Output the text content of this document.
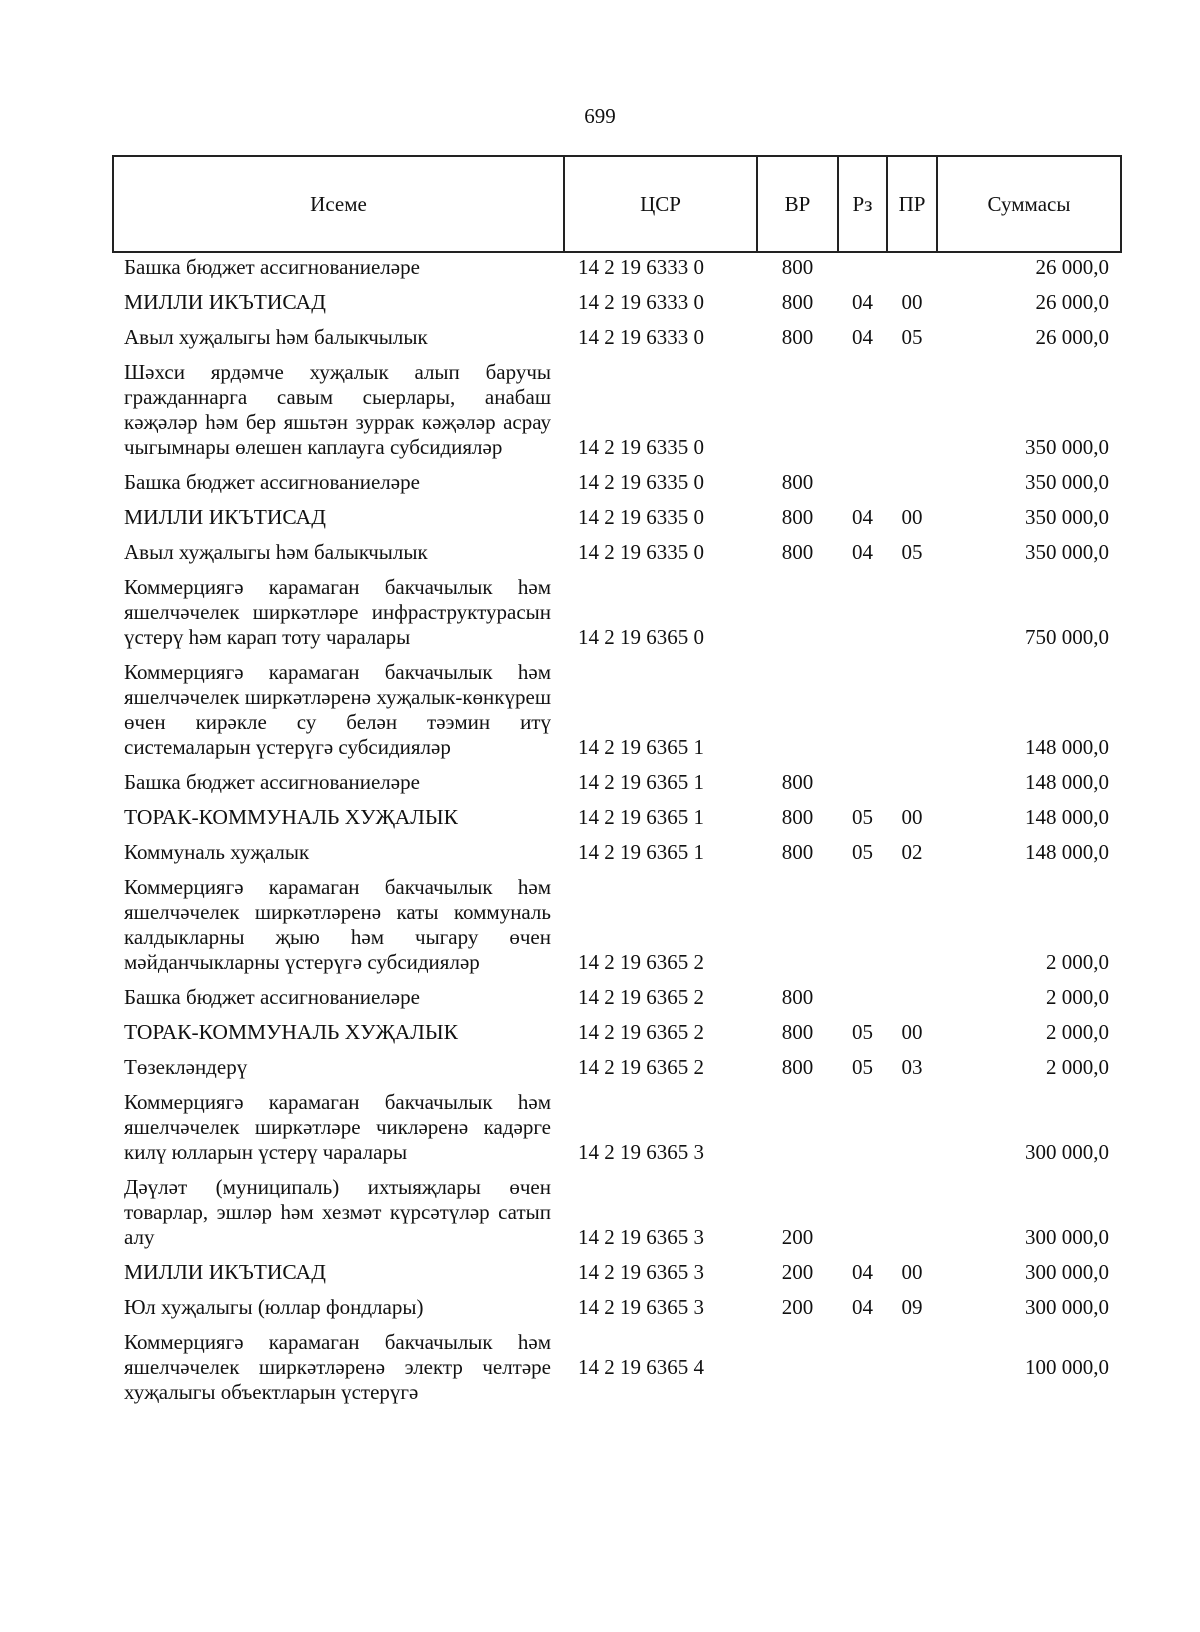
699
Исеме	ЦСР	ВР	Рз	ПР	Суммасы
Башка бюджет ассигнованиеләре	14 2 19 6333 0	800			26 000,0
МИЛЛИ ИКЪТИСАД	14 2 19 6333 0	800	04	00	26 000,0
Авыл хуҗалыгы һәм балыкчылык	14 2 19 6333 0	800	04	05	26 000,0
Шәхси ярдәмче хуҗалык алып баручы гражданнарга савым сыерлары, анабаш кәҗәләр һәм бер яшьтән зуррак кәҗәләр асрау чыгымнары өлешен каплауга субсидияләр	14 2 19 6335 0				350 000,0
Башка бюджет ассигнованиеләре	14 2 19 6335 0	800			350 000,0
МИЛЛИ ИКЪТИСАД	14 2 19 6335 0	800	04	00	350 000,0
Авыл хуҗалыгы һәм балыкчылык	14 2 19 6335 0	800	04	05	350 000,0
Коммерциягә карамаган бакчачылык һәм яшелчәчелек ширкәтләре инфраструктурасын үстерү һәм карап тоту чаралары	14 2 19 6365 0				750 000,0
Коммерциягә карамаган бакчачылык һәм яшелчәчелек ширкәтләренә хуҗалык-көнкүреш өчен кирәкле су белән тәэмин итү системаларын үстерүгә субсидияләр	14 2 19 6365 1				148 000,0
Башка бюджет ассигнованиеләре	14 2 19 6365 1	800			148 000,0
ТОРАК-КОММУНАЛЬ ХУҖАЛЫК	14 2 19 6365 1	800	05	00	148 000,0
Коммуналь хуҗалык	14 2 19 6365 1	800	05	02	148 000,0
Коммерциягә карамаган бакчачылык һәм яшелчәчелек ширкәтләренә каты коммуналь калдыкларны җыю һәм чыгару өчен мәйданчыкларны үстерүгә субсидияләр	14 2 19 6365 2				2 000,0
Башка бюджет ассигнованиеләре	14 2 19 6365 2	800			2 000,0
ТОРАК-КОММУНАЛЬ ХУҖАЛЫК	14 2 19 6365 2	800	05	00	2 000,0
Төзекләндерү	14 2 19 6365 2	800	05	03	2 000,0
Коммерциягә карамаган бакчачылык һәм яшелчәчелек ширкәтләре чикләренә кадәрге килү юлларын үстерү чаралары	14 2 19 6365 3				300 000,0
Дәүләт (муниципаль) ихтыяҗлары өчен товарлар, эшләр һәм хезмәт күрсәтүләр сатып алу	14 2 19 6365 3	200			300 000,0
МИЛЛИ ИКЪТИСАД	14 2 19 6365 3	200	04	00	300 000,0
Юл хуҗалыгы (юллар фондлары)	14 2 19 6365 3	200	04	09	300 000,0
Коммерциягә карамаган бакчачылык һәм яшелчәчелек ширкәтләренә электр челтәре хуҗалыгы объектларын үстерүгә	14 2 19 6365 4				100 000,0
